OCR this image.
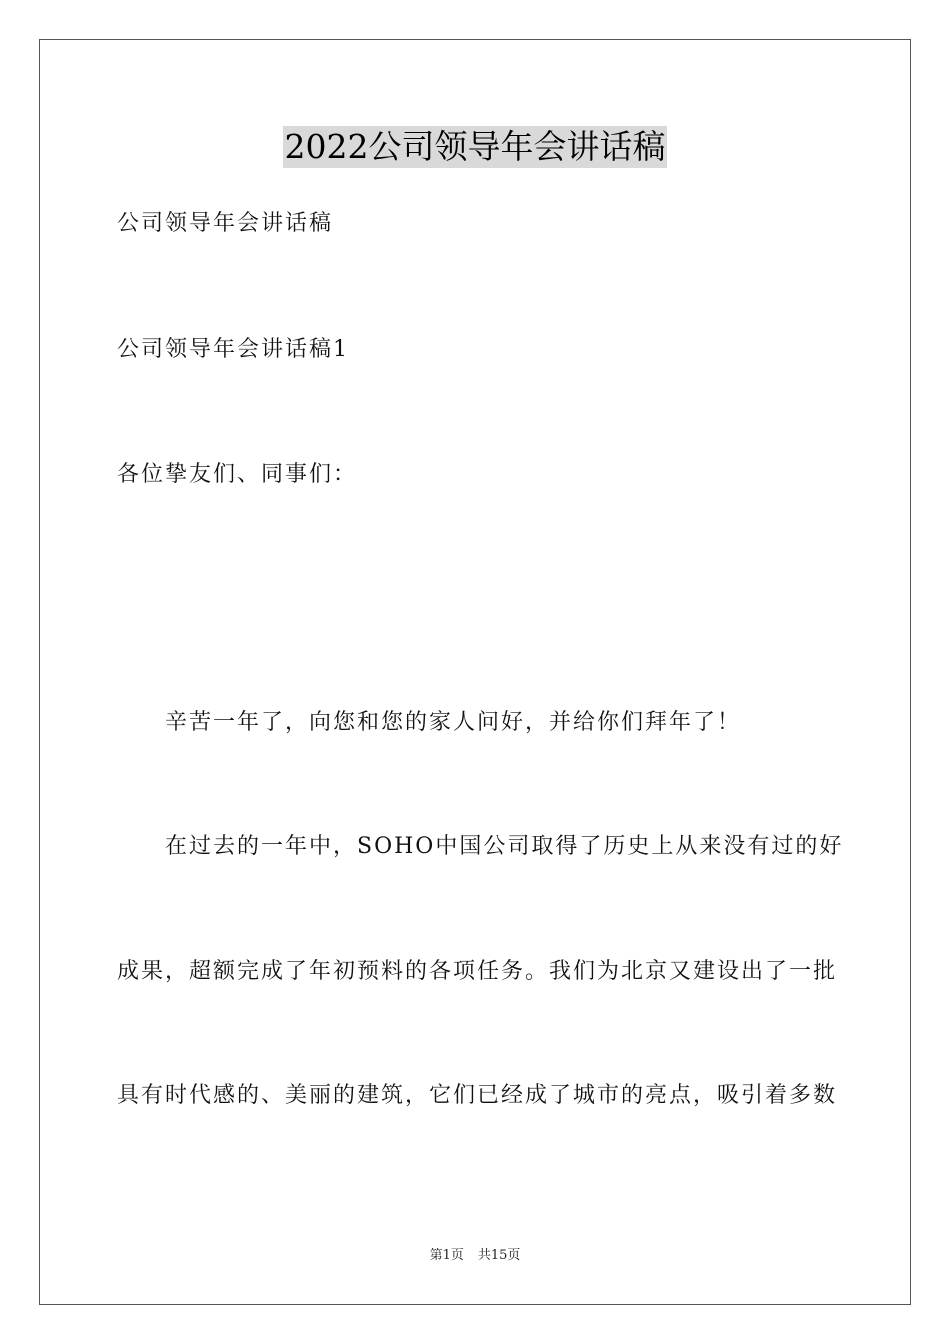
2022公司领导年会讲话稿
公司领导年会讲话稿
公司领导年会讲话稿1
各位挚友们、同事们：
辛苦一年了，向您和您的家人问好，并给你们拜年了！
在过去的一年中，SOHO中国公司取得了历史上从来没有过的好
成果，超额完成了年初预料的各项任务。我们为北京又建设出了一批
具有时代感的、美丽的建筑，它们已经成了城市的亮点，吸引着多数
第1页 共15页
